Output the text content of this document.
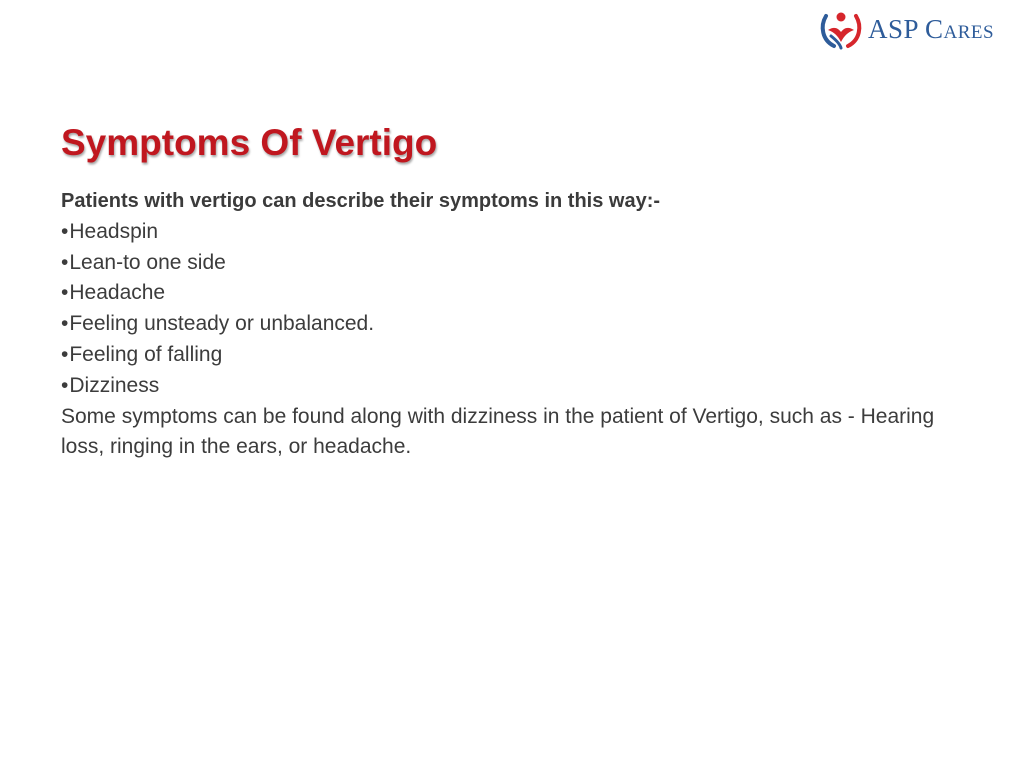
ASP Cares
Symptoms Of Vertigo

Patients with vertigo can describe their symptoms in this way:-

•Headspin
•Lean-to one side
•Headache
•Feeling unsteady or unbalanced.
•Feeling of falling
•Dizziness

Some symptoms can be found along with dizziness in the patient of Vertigo, such as - Hearing loss, ringing in the ears, or headache.
